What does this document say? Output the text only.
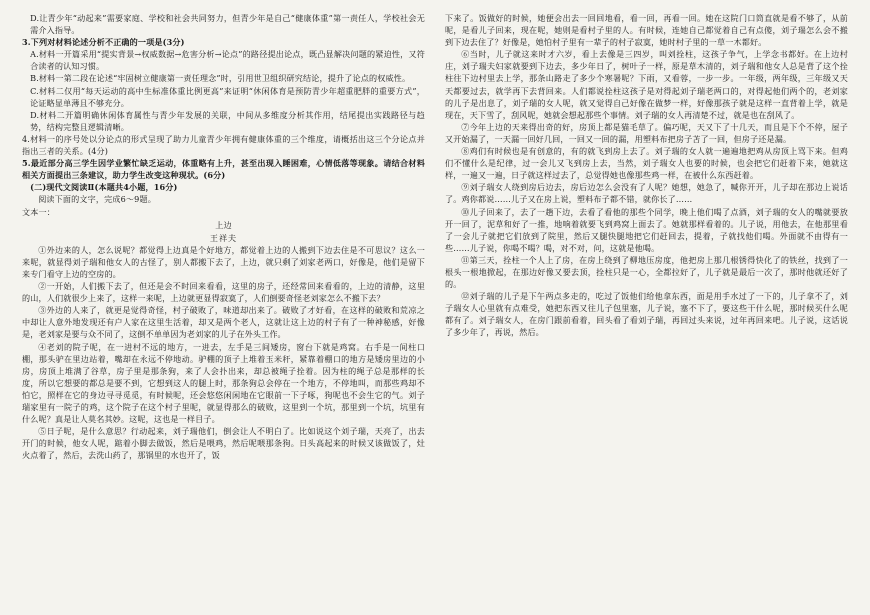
D.让青少年“动起来”需要家庭、学校和社会共同努力，但青少年是自己“健康体重”第一责任人，学校社会无需介入指导。

3.下列对材料论述分析不正确的一项是(3分)

A.材料一开篇采用“提实背景→权威数据→危害分析→论点”的路径提出论点，既凸显解决问题的紧迫性，又符合读者的认知习惯。

B.材料一第二段在论述“牢固树立健康第一责任理念”时，引用世卫组织研究结论，提升了论点的权威性。

C.材料二仅用“每天运动的高中生标准体重比例更高”来证明“休闲体育是预防青少年超重肥胖的重要方式”，论证略显单薄且不够充分。

D.材料二开篇明确休闲体育属性与青少年发展的关联，中间从多维度分析其作用，结尾提出实践路径与趋势，结构完整且逻辑清晰。

4.材料一的序号处以分论点的形式呈现了助力儿童青少年拥有健康体重的三个维度，请概括出这三个分论点并指出三者的关系。(4分)

5.最近部分高三学生因学业繁忙缺乏运动，体重略有上升，甚至出现入睡困难，心情低落等现象。请结合材料相关方面提出三条建议，助力学生改变这种现状。(6分)

(二)现代文阅读Ⅱ(本题共4小题，16分)

阅读下面的文字，完成6～9题。

文本一：

上边

王祥夫

①外边来的人，怎么说呢？都觉得上边真是个好地方，都觉着上边的人搬到下边去住是不可思议？这么一来呢，就显得刘子瑞和他女人的古怪了，别人都搬下去了，上边，就只剩了刘家老两口，好像是，他们是留下来专门看守上边的空房的。

②一开始，人们搬下去了，但还是会不时回来看看，这里的房子，还经常回来看看的，上边的清静，这里的山，人们就很少上来了，这样一来呢，上边就更显得寂寞了，人们倒要奇怪老刘家怎么不搬下去？

③外边的人来了，就更是觉得奇怪，村子破败了，味道却出来了。破败了才好看，在这样的破败和荒凉之中却让人意外地发现还有户人家在这里生活着，却又是两个老人，这就让这上边的村子有了一种神秘感，好像是，老刘家是要与众不同了，这倒不单单因为老刘家的儿子在外头工作。

④老刘的院子呢，在一进村不远的地方，一进去，左手是三间矮房，窗台下就是鸡窝。右手是一间柱口棚，那头驴在里边站着，嘴却在永远不停地动。驴棚的顶子上堆着玉米秆，紧靠着棚口的地方是矮房里边的小房，房顶上堆满了谷草，房子里是那条狗，来了人会扑出来，却总被绳子拴着。因为柱的绳子总是那样的长度，所以它想要的都总是要不到，它想到这人的腿上时，那条狗总会停在一个地方，不停地叫，而那些鸡却不怕它，照样在它的身边寻寻觅觅，有时候呢，还会悠悠闲闲地在它眼前一下子啄，狗呢也不会生它的气。刘子瑞家里有一院子的鸡，这个院子在这个村子里呢，就显得那么的破败，这里到一个坑，那里到一个坑，坑里有什么呢？真是让人莫名其妙。这呢，这也是一样目子。

⑤日子呢，是什么意思？行动起来，刘子瑞他们，倒会让人不明白了。比如说这个刘子瑞，天亮了，出去开门的时候，他女人呢，踮着小脚去做饭，然后是喂鸡，然后呢喂那条狗。日头高起来的时候又该做饭了，灶火点着了，然后，去洗山药了，那锅里的水也开了，饭

下来了。饭做好的时候，她便会出去一回回地看，看一回，再看一回。她在这院门口筒直就是看不够了，从前呢，是看儿子回来，现在呢，她则是看村子里的人。有时候，连她自己都觉着自己有点傻，刘子瑞怎么会不搬到下边去住了？好像是，她怕村子里有一辈子的村子寂寞，她时村子里的一草一木都好。

⑥当时，儿子就这来时才六岁，看上去像是三四岁，叫刘拴柱，这孩子争气，上学念书都好。在上边村庄，刘子瑞夫妇家就要到下边去，多少年日了，树叶子一样，原是草木清的，刘子瑞和他女人总是背了这个拴柱往下边村里去上学，那条山路走了多少个寒暑呢？下雨，又看蓉，一步一步。一年级，两年级，三年级又天天都要过去，就学再下去背回来。人们都说拴柱这孩子是对得起刘子瑞老两口的，对得起他们两个的，老刘家的儿子是出息了，刘子瑞的女人呢，就又觉得自己好像在做梦一样，好像那孩子就是这样一直背着上学，就是现在，天下雪了，刮风呢，她就会想起那些个事情。刘子瑞的女人再清楚不过，就是也在刮风了。

⑦今年上边的天来得出奇的好，房顶上都是猫毛草了。偏巧呢，天又下了十几天，而且是下个不停，屋子又开始漏了，一天漏一回好几回，一回又一回的漏，用塑料布把房子苫了一回，但房子还是漏。

⑧鸡们有时候也是有创意的，有的就飞到房上去了。刘子瑞的女人就一遍遍地把鸡从房顶上骂下来。但鸡们不懂什么是纪律，过一会儿又飞到房上去，当然，刘子瑞女人也要的时候，也会把它们赶着下来，她就这样，一遍又一遍，日子就这样过去了，总觉得她也像那些鸡一样，在被什么东西赶着。

⑨刘子瑞女人绕到房后边去，房后边怎么会没有了人呢？她想，她急了，喊你开开，儿子却在那边上说话了。鸡你都说……儿子又在房上说，塑料布子都不错，就你长了……

⑩儿子回来了，去了一趟下边，去看了看他的那些个同学，晚上他们喝了点酒，刘子瑞的女人的嘴就要放开一回了，泥草和好了一推，地响着就要飞到鸡窝上面去了。她就那样看着的。儿子说，用他去，在他那里看了一会儿子就把它们放到了院里，然后又腿快腿地把它们赶回去，提着，子就找他们喝。外面就不由得有一些……儿子说，你喝不喝？喝，对不对，问，这就是他喝。

⑪第三天，拴柱一个人上了房，在房上绕到了柳地压房度，他把房上那几根锈得快化了的铁丝，找到了一根头一根地掀起，在那边好像又要去顶，拴柱只是一心，全都拉好了，儿子就是最后一次了，那时他就还好了的。

⑫刘子瑞的儿子是下午两点多走的，吃过了饭他们给他拿东西，面是用手水过了一下的，儿子拿不了，刘子瑞女人心里就有点难受，她把东西又往儿子包里塞，儿子说，塞不下了，要这些干什么呢，那时候买什么呢都有了。刘子瑞女人，在房门跟前看着，回头看了看刘子瑞，再回过头来说，过年再回来吧。儿子说，这话说了多少年了，再说，然后。
